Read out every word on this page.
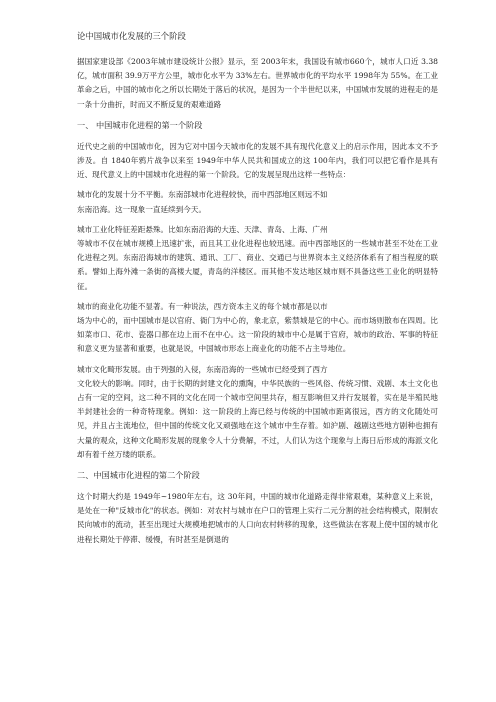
论中国城市化发展的三个阶段

据国家建设部《2003年城市建设统计公报》显示，至 2003年末，我国设有城市660个，城市人口近 3.38亿，城市面积 39.9万平方公里，城市化水平为 33%左右。世界城市化的平均水平 1998年为 55%。在工业革命之后，中国的城市化之所以长期处于落后的状况，是因为一个半世纪以来，中国城市发展的进程走的是一条十分曲折，时而又不断反复的艰难道路

一、 中国城市化进程的第一个阶段

近代史之前的中国城市化，因为它对中国今天城市化的发展不具有现代化意义上的启示作用，因此本文不予涉及。自 1840年鸦片战争以来至 1949年中华人民共和国成立的这 100年内，我们可以把它看作是具有近、现代意义上的中国城市化进程的第一个阶段。它的发展呈现出这样一些特点：

城市化的发展十分不平衡。东南部城市化进程较快，而中西部地区则远不如
东南沿海。这一现象一直延续到今天。

城市工业化特征差距悬殊。比如东南沿海的大连、天津、青岛、上海、广州
等城市不仅在城市规模上迅速扩张，而且其工业化进程也较迅速。而中西部地区的一些城市甚至不处在工业化进程之列。东南沿海城市的建筑、通讯、工厂、商业、交通已与世界资本主义经济体系有了相当程度的联系。譬如上海外滩一条街的高楼大厦，青岛的洋楼区。而其他不发达地区城市则不具备这些工业化的明显特征。

城市的商业化功能不显著。有一种说法，西方资本主义的每个城市都是以市
场为中心的，而中国城市是以官府、衙门为中心的，象北京，紫禁城是它的中心。而市场则散布在四周。比如菜市口、花市、瓷器口都在边上而不在中心。这一阶段的城市中心是属于官府，城市的政治、军事的特征和意义更为显著和重要，也就是说，中国城市形态上商业化的功能不占主导地位。

城市文化畸形发展。由于列强的入侵，东南沿海的一些城市已经受到了西方
文化较大的影响。同时，由于长期的封建文化的熏陶，中华民族的一些风俗、传统习惯、戏剧、本土文化也占有一定的空间，这二种不同的文化在同一个城市空间里共存，相互影响但又并行发展着，实在是半殖民地半封建社会的一种奇特现象。例如：这一阶段的上海已经与传统的中国城市距离很远，西方的文化随处可见，并且占主流地位，但中国的传统文化又顽强地在这个城市中生存着。如沪剧、越剧这些地方剧种也拥有大量的观众，这种文化畸形发展的现象令人十分费解，不过，人们认为这个现象与上海日后形成的海派文化却有着千丝万缕的联系。

二、中国城市化进程的第二个阶段

这个时期大约是 1949年~1980年左右，这 30年间，中国的城市化道路走得非常艰难，某种意义上来说，是处在一种"反城市化"的状态。例如：对农村与城市在户口的管理上实行二元分割的社会结构模式，限制农民向城市的流动，甚至出现过大规模地把城市的人口向农村转移的现象，这些做法在客观上使中国的城市化进程长期处于停滞、缓慢，有时甚至是倒退的
